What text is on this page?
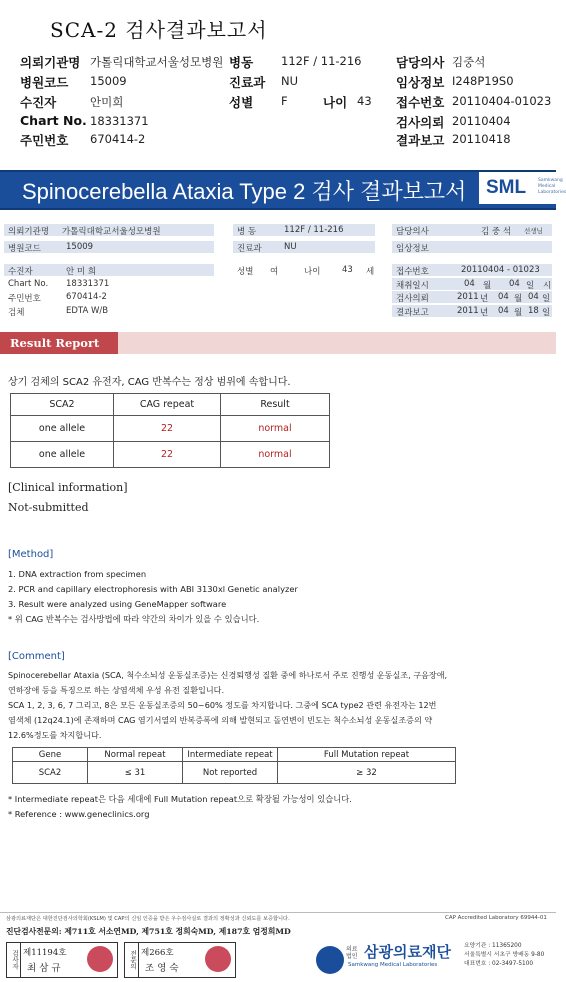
SCA-2 검사결과보고서
의뢰기관명 가톨릭대학교서울성모병원 병동 112F / 11-216	담당의사 김중석
병원코드 15009	진료과 NU	임상정보 I248P19S0
수진자	안미희	성별 F	나이 43 접수번호 20110404-01023
Chart No. 18331371	검사의뢰 20110404
주민번호 670414-2	결과보고 20110418
Spinocerebella Ataxia Type 2 검사 결과보고서 SML	Samkwang Medical Laboratories
의뢰기관명 가톨릭대학교서울성모병원	병 동	112F / 11-216	담당의사	김 중 석 선생님
병원코드	15009	진료과	NU	임상정보
수진자	안 미 희	성별 여	나이	43 세	접수번호	20110404 - 01023
Chart No. 18331371	채취일시	04 월 04 일 시
주민번호	670414-2	검사의뢰	2011 년 04 월 04 일
검체	EDTA W/B	결과보고	2011 년 04 월 18 일
Result Report
상기 검체의 SCA2 유전자, CAG 반복수는 정상 범위에 속합니다.
SCA2	CAG repeat	Result
one allele	22	normal
one allele	22	normal
[Clinical information]
Not-submitted
[Method]
1. DNA extraction from specimen
2. PCR and capillary electrophoresis with ABI 3130xl Genetic analyzer
3. Result were analyzed using GeneMapper software
* 위 CAG 반복수는 검사방법에 따라 약간의 차이가 있을 수 있습니다.
[Comment]
Spinocerebellar Ataxia (SCA, 척수소뇌성 운동실조증)는 신경퇴행성 질환 중에 하나로서 주로 진행성 운동실조, 구음장애,
연하장애 등을 특징으로 하는 상염색체 우성 유전 질환입니다.
SCA 1, 2, 3, 6, 7 그리고, 8은 모든 운동실조증의 50~60% 정도를 차지합니다. 그중에 SCA type2 관련 유전자는 12번
염색체 (12q24.1)에 존재하며 CAG 염기서열의 반복증폭에 의해 발현되고 돌연변이 빈도는 척수소뇌성 운동실조증의 약
12.6%정도를 차지합니다.
Gene	Normal repeat	Intermediate repeat	Full Mutation repeat
SCA2	≤ 31	Not reported	≥ 32
* Intermediate repeat은 다음 세대에 Full Mutation repeat으로 확장될 가능성이 있습니다.
* Reference : www.geneclinics.org
삼광의료재단은 대한진단검사의학회(KSLM) 및 CAP의 신임 인증을 받은 우수검사실로 결과의 정확성과 신뢰도를 보증합니다.	CAP Accredited Laboratory 69944-01
진단검사전문의: 제711호 서소연MD, 제751호 정희숙MD, 제187호 엄정희MD
검사자 제11194호
최 삼 규	전문의 제266호
조 영 숙
의료법인 삼광의료재단
Samkwang Medical Laboratories
요양기관 : 11365200
서울특별시 서초구 방배동 9-80
대표번호 : 02-3497-5100
